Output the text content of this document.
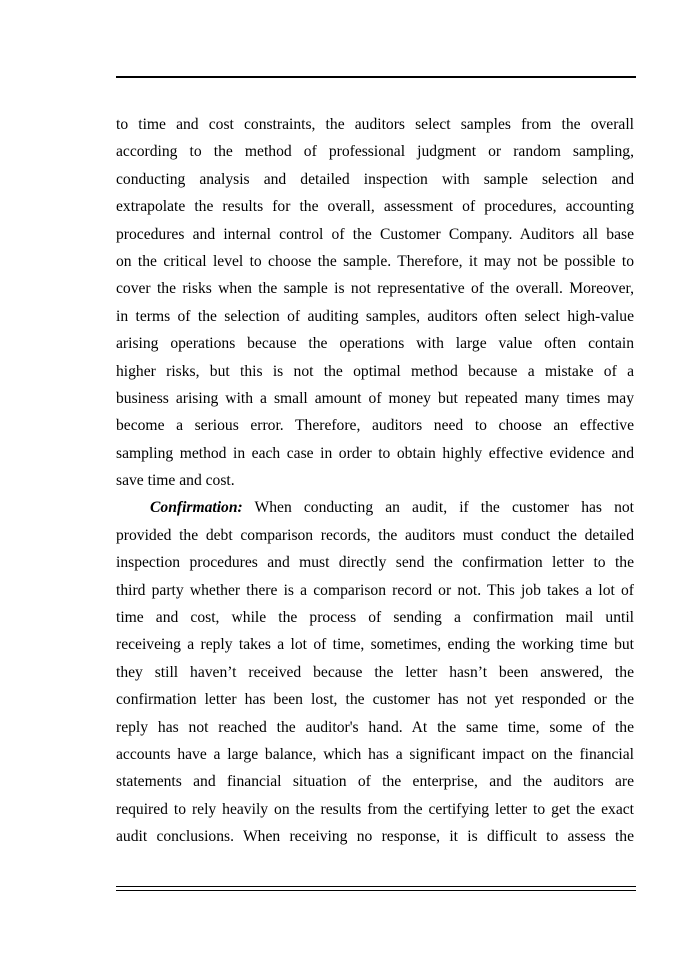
to time and cost constraints, the auditors select samples from the overall
according to the method of professional judgment or random sampling,
conducting analysis and detailed inspection with sample selection and
extrapolate the results for the overall, assessment of procedures, accounting
procedures and internal control of the Customer Company. Auditors all base
on the critical level to choose the sample. Therefore, it may not be possible to
cover the risks when the sample is not representative of the overall. Moreover,
in terms of the selection of auditing samples, auditors often select high-value
arising operations because the operations with large value often contain
higher risks, but this is not the optimal method because a mistake of a
business arising with a small amount of money but repeated many times may
become a serious error. Therefore, auditors need to choose an effective
sampling method in each case in order to obtain highly effective evidence and
save time and cost.
Confirmation: When conducting an audit, if the customer has not
provided the debt comparison records, the auditors must conduct the detailed
inspection procedures and must directly send the confirmation letter to the
third party whether there is a comparison record or not. This job takes a lot of
time and cost, while the process of sending a confirmation mail until
receiveing a reply takes a lot of time, sometimes, ending the working time but
they still haven’t received because the letter hasn’t been answered, the
confirmation letter has been lost, the customer has not yet responded or the
reply has not reached the auditor's hand. At the same time, some of the
accounts have a large balance, which has a significant impact on the financial
statements and financial situation of the enterprise, and the auditors are
required to rely heavily on the results from the certifying letter to get the exact
audit conclusions. When receiving no response, it is difficult to assess the
